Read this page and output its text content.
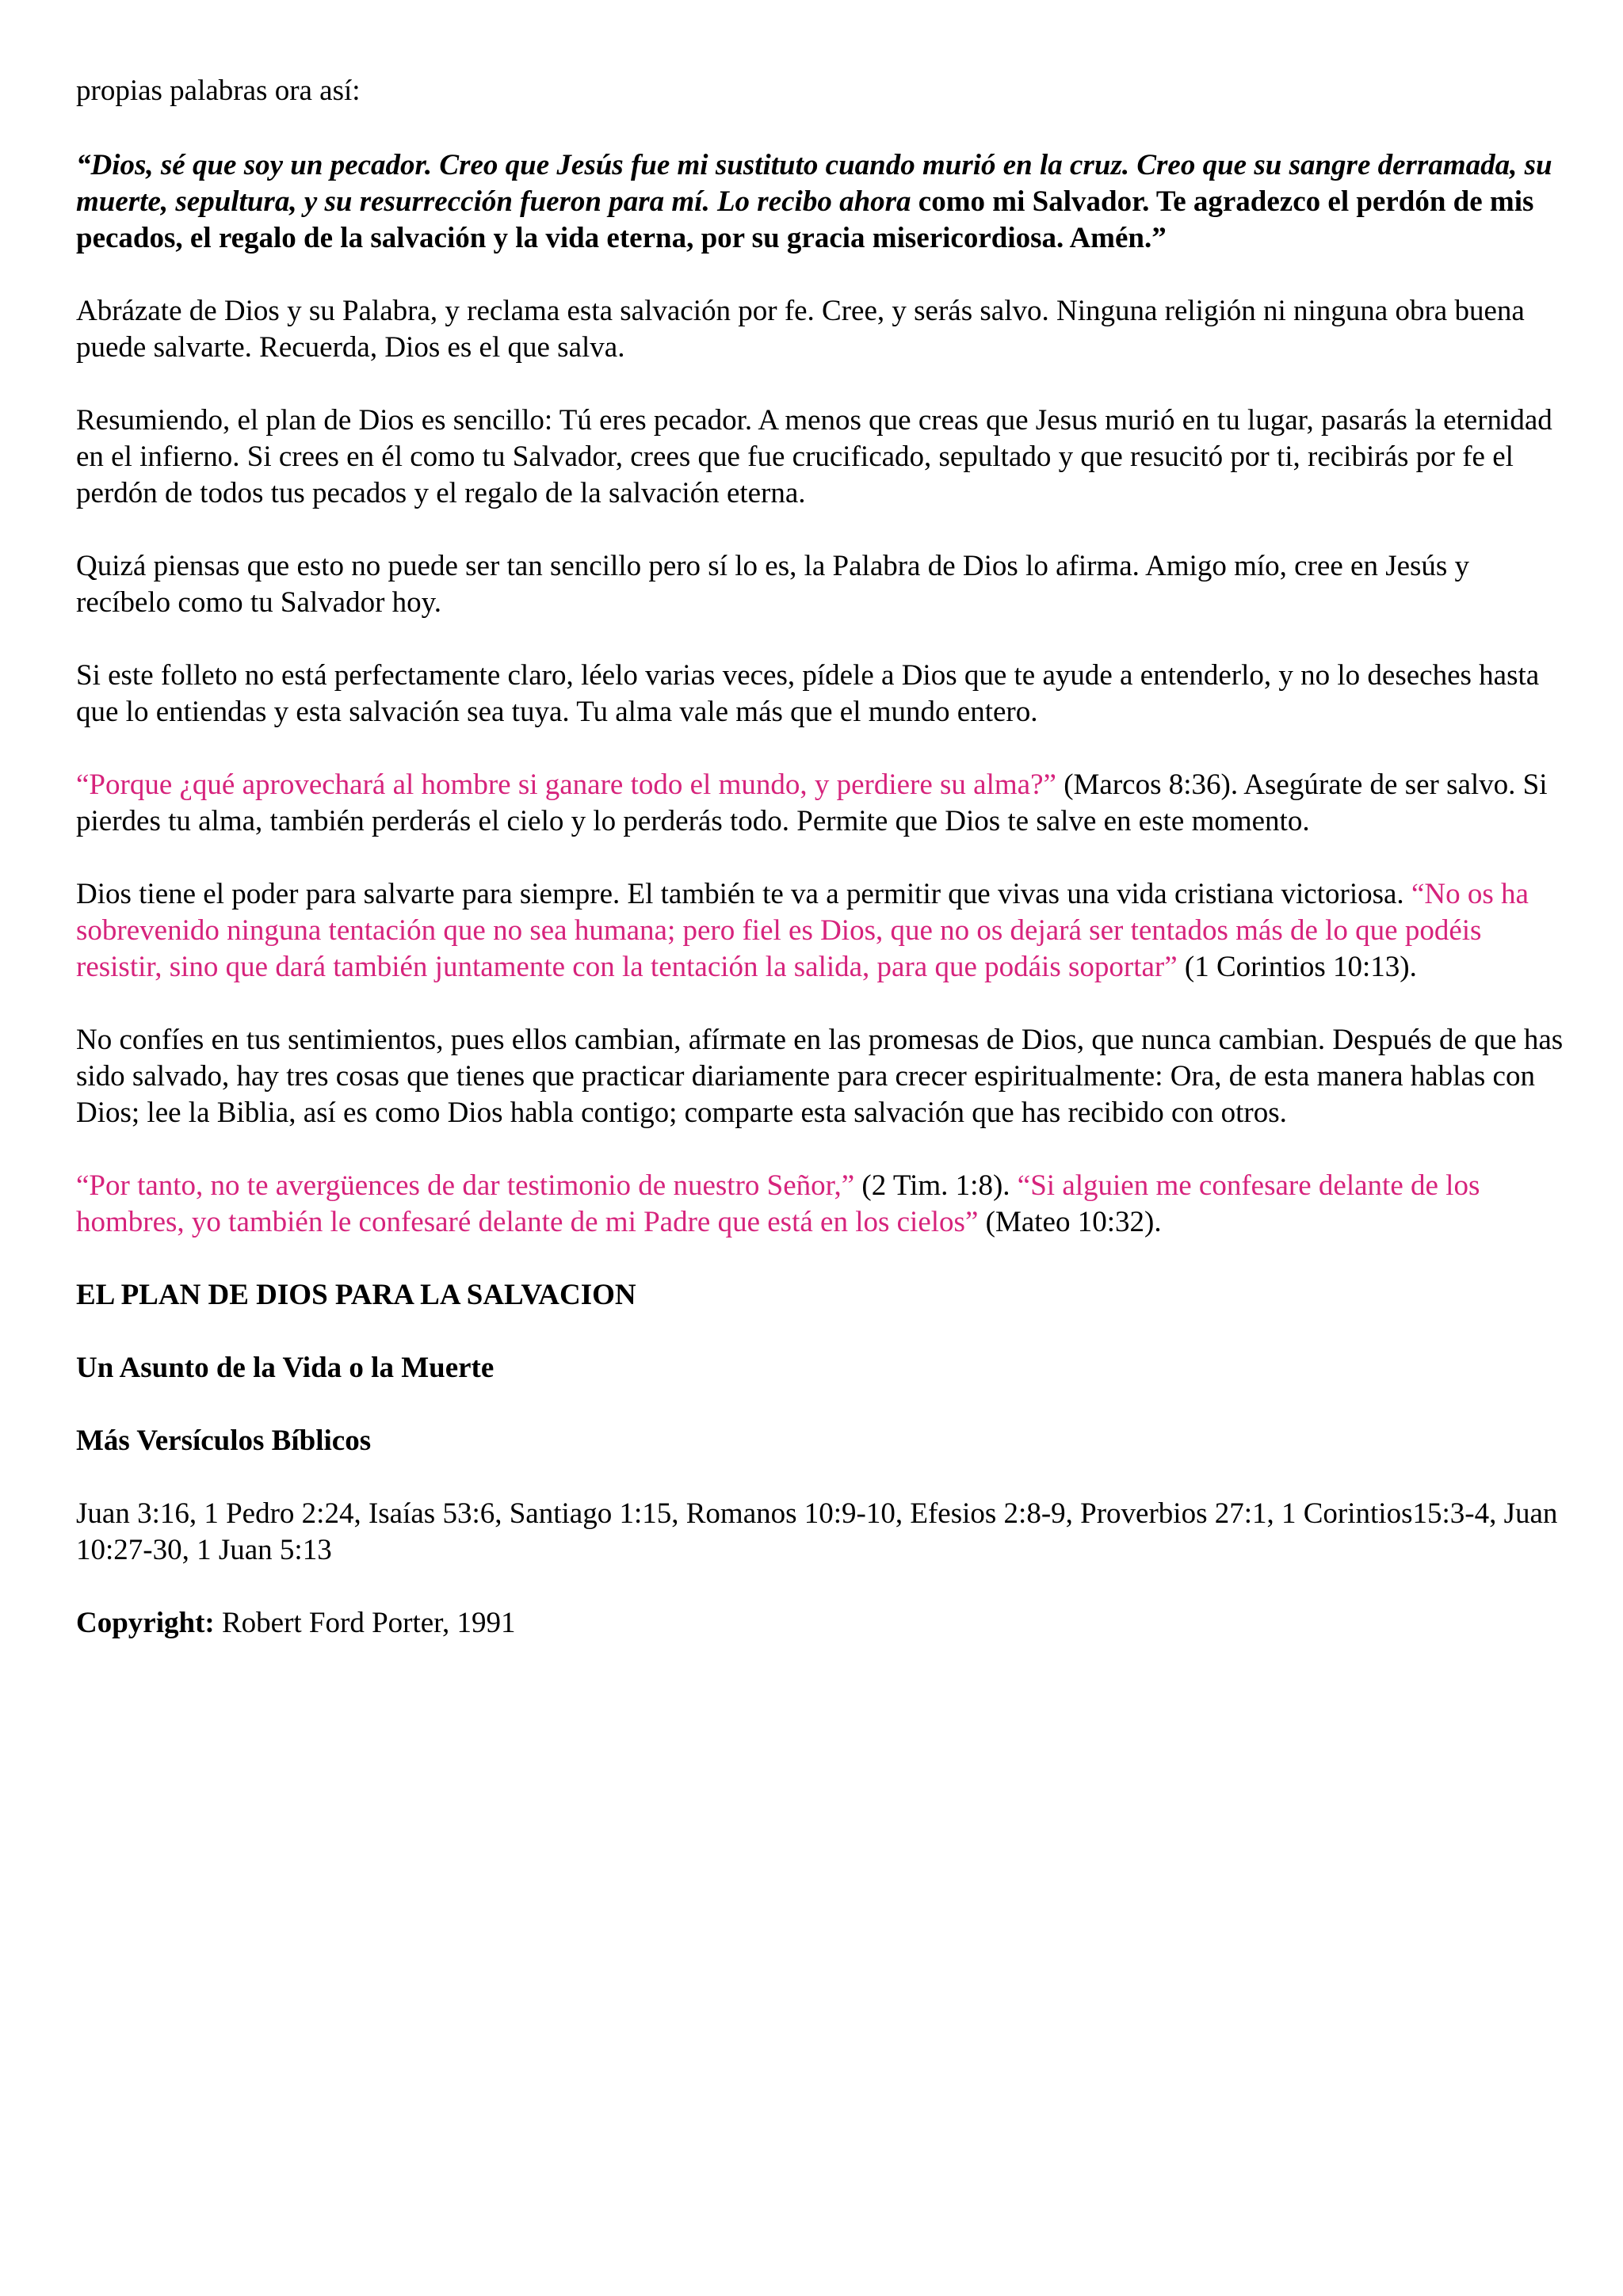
propias palabras ora así:

“Dios, sé que soy un pecador. Creo que Jesús fue mi sustituto cuando murió en la cruz. Creo que su sangre derramada, su muerte, sepultura, y su resurrección fueron para mí. Lo recibo ahora como mi Salvador. Te agradezco el perdón de mis pecados, el regalo de la salvación y la vida eterna, por su gracia misericordiosa. Amén.”

Abrázate de Dios y su Palabra, y reclama esta salvación por fe. Cree, y serás salvo. Ninguna religión ni ninguna obra buena puede salvarte. Recuerda, Dios es el que salva.

Resumiendo, el plan de Dios es sencillo: Tú eres pecador. A menos que creas que Jesus murió en tu lugar, pasarás la eternidad en el infierno. Si crees en él como tu Salvador, crees que fue crucificado, sepultado y que resucitó por ti, recibirás por fe el perdón de todos tus pecados y el regalo de la salvación eterna.

Quizá piensas que esto no puede ser tan sencillo pero sí lo es, la Palabra de Dios lo afirma. Amigo mío, cree en Jesús y recíbelo como tu Salvador hoy.

Si este folleto no está perfectamente claro, léelo varias veces, pídele a Dios que te ayude a entenderlo, y no lo deseches hasta que lo entiendas y esta salvación sea tuya. Tu alma vale más que el mundo entero.

“Porque ¿qué aprovechará al hombre si ganare todo el mundo, y perdiere su alma?” (Marcos 8:36). Asegúrate de ser salvo. Si pierdes tu alma, también perderás el cielo y lo perderás todo. Permite que Dios te salve en este momento.

Dios tiene el poder para salvarte para siempre. El también te va a permitir que vivas una vida cristiana victoriosa. “No os ha sobrevenido ninguna tentación que no sea humana; pero fiel es Dios, que no os dejará ser tentados más de lo que podéis resistir, sino que dará también juntamente con la tentación la salida, para que podáis soportar” (1 Corintios 10:13).

No confíes en tus sentimientos, pues ellos cambian, afírmate en las promesas de Dios, que nunca cambian. Después de que has sido salvado, hay tres cosas que tienes que practicar diariamente para crecer espiritualmente: Ora, de esta manera hablas con Dios; lee la Biblia, así es como Dios habla contigo; comparte esta salvación que has recibido con otros.

“Por tanto, no te avergüences de dar testimonio de nuestro Señor,” (2 Tim. 1:8). “Si alguien me confesare delante de los hombres, yo también le confesaré delante de mi Padre que está en los cielos” (Mateo 10:32).

EL PLAN DE DIOS PARA LA SALVACION

Un Asunto de la Vida o la Muerte

Más Versículos Bíblicos

Juan 3:16, 1 Pedro 2:24, Isaías 53:6, Santiago 1:15, Romanos 10:9-10, Efesios 2:8-9, Proverbios 27:1, 1 Corintios15:3-4, Juan 10:27-30, 1 Juan 5:13

Copyright: Robert Ford Porter, 1991
